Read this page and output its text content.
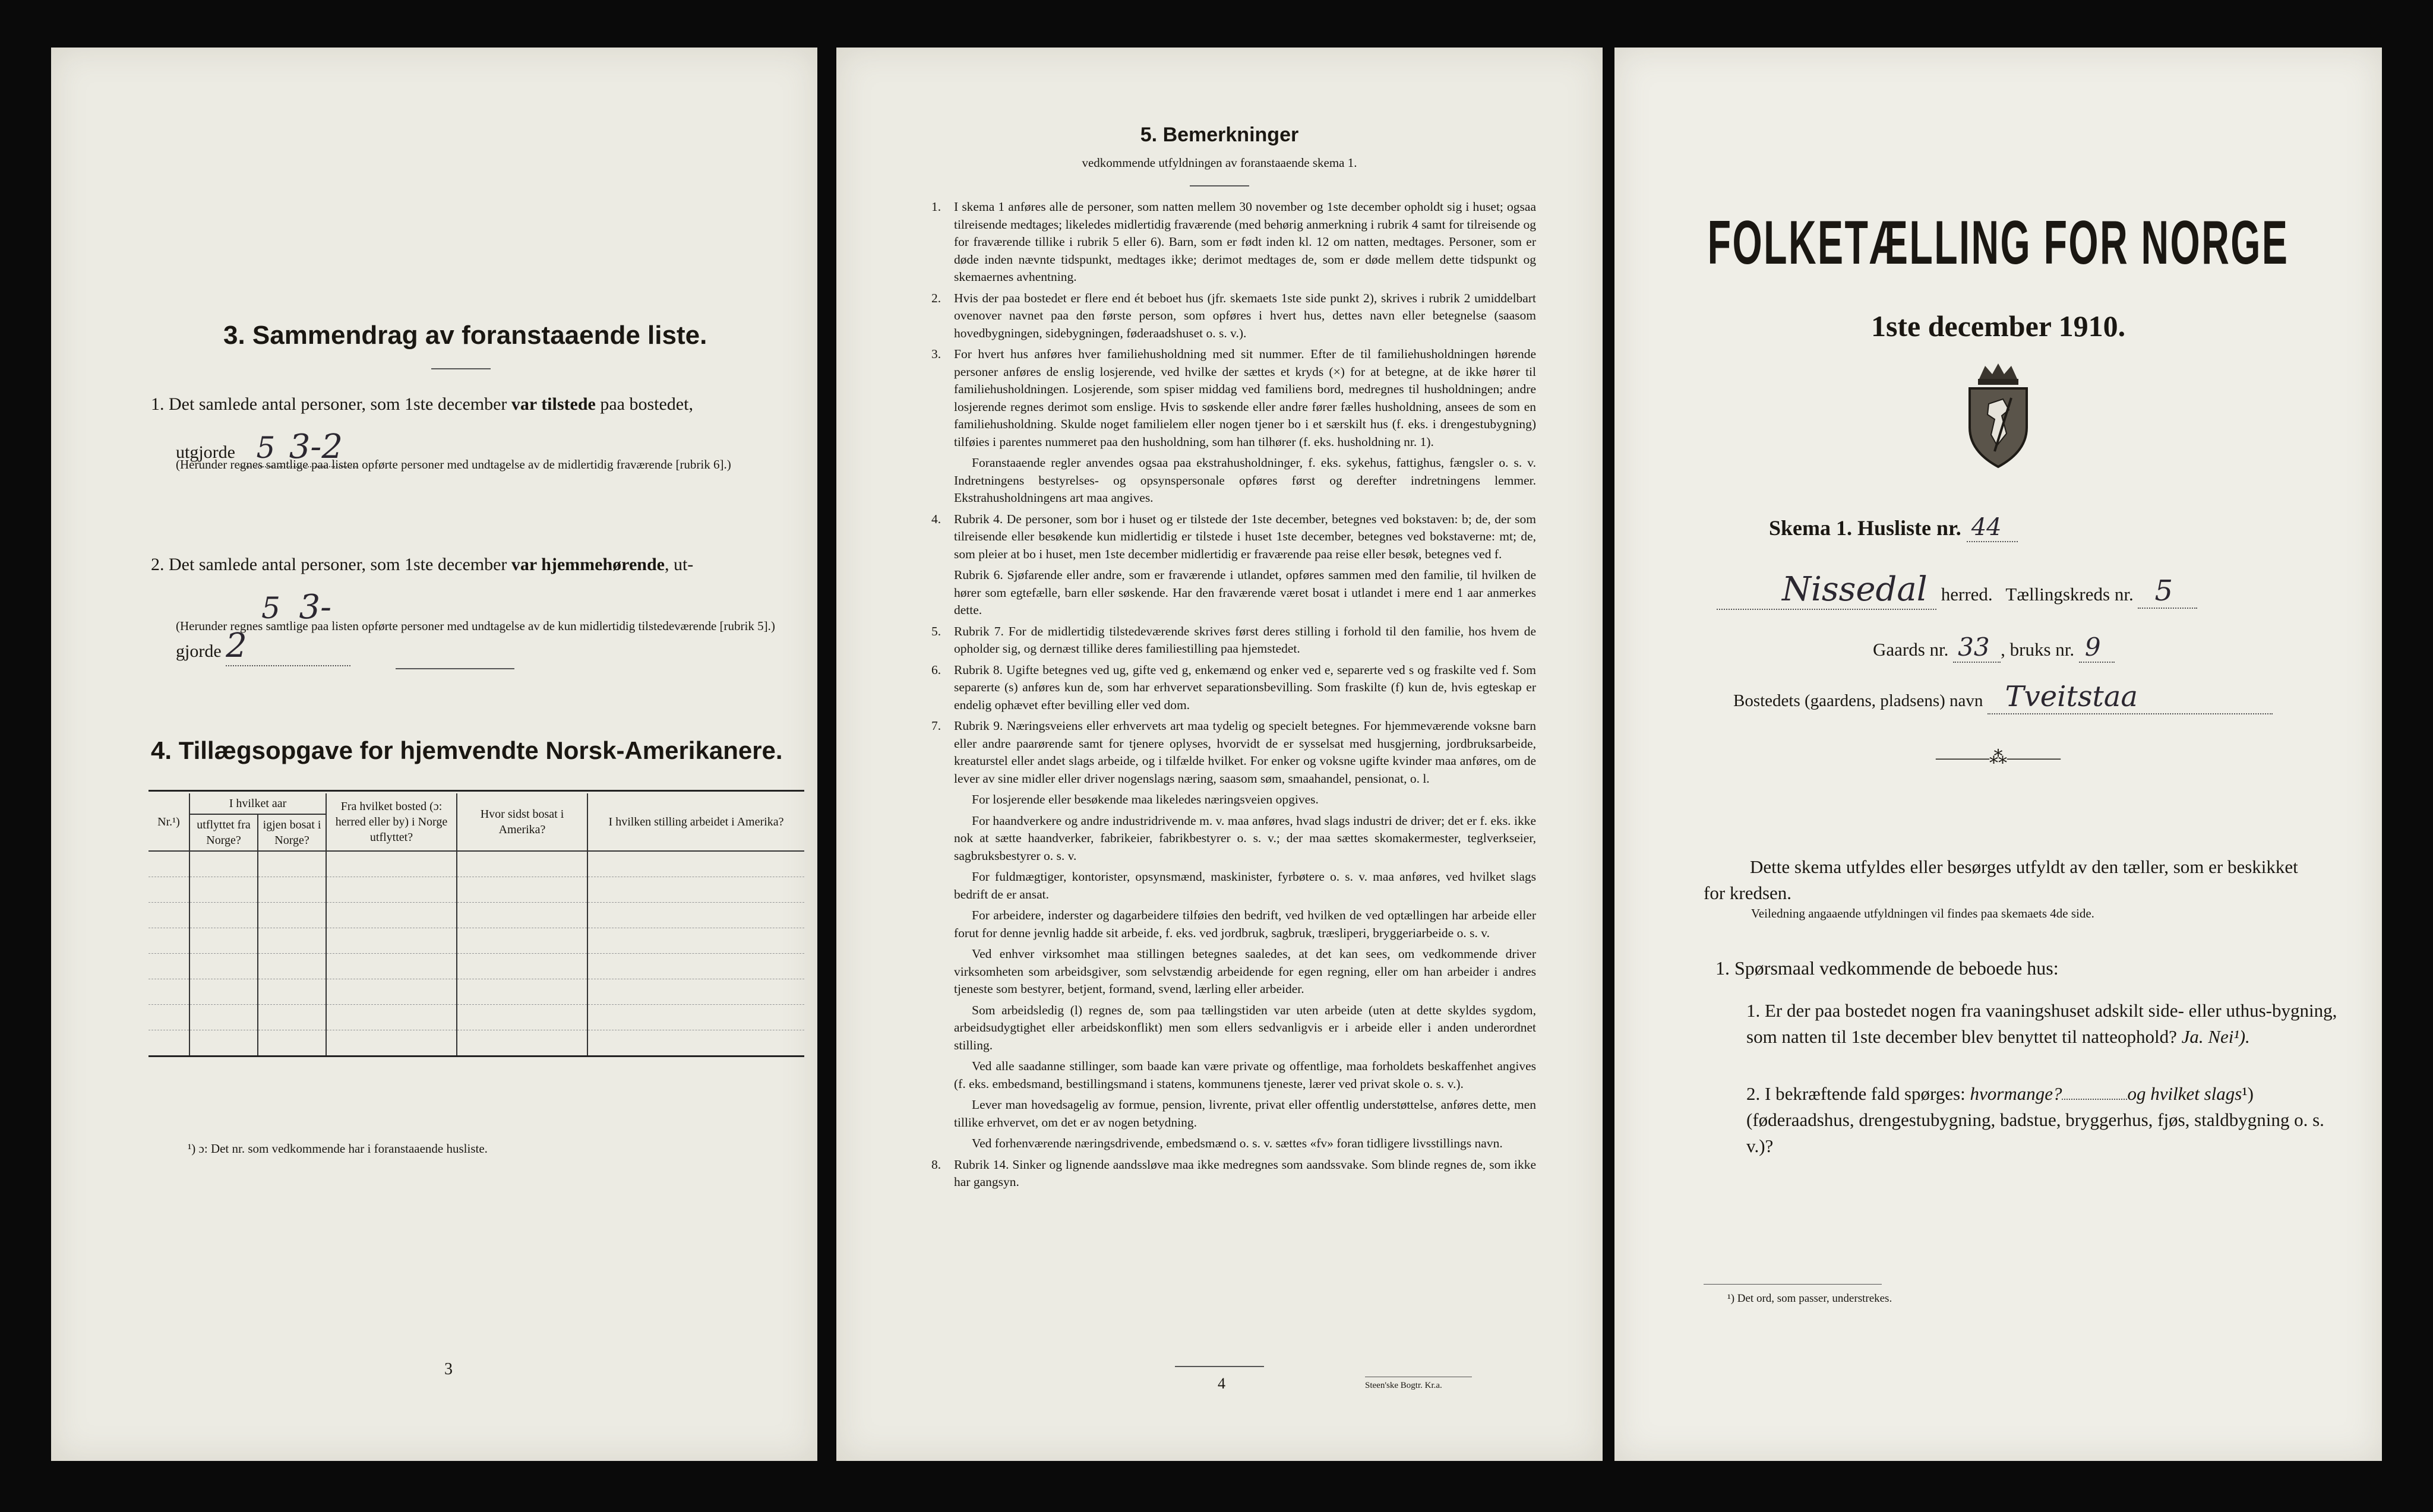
3. Sammendrag av foranstaaende liste.
1. Det samlede antal personer, som 1ste december var tilstede paa bostedet,
utgjorde 5 3-2
(Herunder regnes samtlige paa listen opførte personer med undtagelse av de midlertidig fraværende [rubrik 6].)
2. Det samlede antal personer, som 1ste december var hjemmehørende, ut-
gjorde 5 3-2
(Herunder regnes samtlige paa listen opførte personer med undtagelse av de kun midlertidig tilstedeværende [rubrik 5].)
4. Tillægsopgave for hjemvendte Norsk-Amerikanere.
Nr.¹)	I hvilket aar		Fra hvilket bosted (ɔ: herred eller by) i Norge utflyttet?	Hvor sidst bosat i Amerika?	I hvilken stilling arbeidet i Amerika?
	utflyttet fra Norge?	igjen bosat i Norge?			

¹) ɔ: Det nr. som vedkommende har i foranstaaende husliste.
3
5. Bemerkninger
vedkommende utfyldningen av foranstaaende skema 1.
1. I skema 1 anføres alle de personer, som natten mellem 30 november og 1ste december opholdt sig i huset; ogsaa tilreisende medtages; likeledes midlertidig fraværende (med behørig anmerkning i rubrik 4 samt for tilreisende og for fraværende tillike i rubrik 5 eller 6). Barn, som er født inden kl. 12 om natten, medtages. Personer, som er døde inden nævnte tidspunkt, medtages ikke; derimot medtages de, som er døde mellem dette tidspunkt og skemaernes avhentning.

2. Hvis der paa bostedet er flere end ét beboet hus (jfr. skemaets 1ste side punkt 2), skrives i rubrik 2 umiddelbart ovenover navnet paa den første person, som opføres i hvert hus, dettes navn eller betegnelse (saasom hovedbygningen, sidebygningen, føderaadshuset o. s. v.).

3. For hvert hus anføres hver familiehusholdning med sit nummer. Efter de til familiehusholdningen hørende personer anføres de enslig losjerende, ved hvilke der sættes et kryds (×) for at betegne, at de ikke hører til familiehusholdningen. Losjerende, som spiser middag ved familiens bord, medregnes til husholdningen; andre losjerende regnes derimot som enslige. Hvis to søskende eller andre fører fælles husholdning, ansees de som en familiehusholdning. Skulde noget familielem eller nogen tjener bo i et særskilt hus (f. eks. i drengestubygning) tilføies i parentes nummeret paa den husholdning, som han tilhører (f. eks. husholdning nr. 1).

Foranstaaende regler anvendes ogsaa paa ekstrahusholdninger, f. eks. sykehus, fattighus, fængsler o. s. v. Indretningens bestyrelses- og opsynspersonale opføres først og derefter indretningens lemmer. Ekstrahusholdningens art maa angives.

4. Rubrik 4. De personer, som bor i huset og er tilstede der 1ste december, betegnes ved bokstaven: b; de, der som tilreisende eller besøkende kun midlertidig er tilstede i huset 1ste december, betegnes ved bokstaverne: mt; de, som pleier at bo i huset, men 1ste december midlertidig er fraværende paa reise eller besøk, betegnes ved f.

Rubrik 6. Sjøfarende eller andre, som er fraværende i utlandet, opføres sammen med den familie, til hvilken de hører som egtefælle, barn eller søskende. Har den fraværende været bosat i utlandet i mere end 1 aar anmerkes dette.

5. Rubrik 7. For de midlertidig tilstedeværende skrives først deres stilling i forhold til den familie, hos hvem de opholder sig, og dernæst tillike deres familiestilling paa hjemstedet.

6. Rubrik 8. Ugifte betegnes ved ug, gifte ved g, enkemænd og enker ved e, separerte ved s og fraskilte ved f. Som separerte (s) anføres kun de, som har erhvervet separationsbevilling. Som fraskilte (f) kun de, hvis egteskap er endelig ophævet efter bevilling eller ved dom.

7. Rubrik 9. Næringsveiens eller erhvervets art maa tydelig og specielt betegnes. For hjemmeværende voksne barn eller andre paarørende samt for tjenere oplyses, hvorvidt de er sysselsat med husgjerning, jordbruksarbeide, kreaturstel eller andet slags arbeide, og i tilfælde hvilket. For enker og voksne ugifte kvinder maa anføres, om de lever av sine midler eller driver nogenslags næring, saasom søm, smaahandel, pensionat, o. l.

For losjerende eller besøkende maa likeledes næringsveien opgives.

For haandverkere og andre industridrivende m. v. maa anføres, hvad slags industri de driver; det er f. eks. ikke nok at sætte haandverker, fabrikeier, fabrikbestyrer o. s. v.; der maa sættes skomakermester, teglverkseier, sagbruksbestyrer o. s. v.

For fuldmægtiger, kontorister, opsynsmænd, maskinister, fyrbøtere o. s. v. maa anføres, ved hvilket slags bedrift de er ansat.

For arbeidere, inderster og dagarbeidere tilføies den bedrift, ved hvilken de ved optællingen har arbeide eller forut for denne jevnlig hadde sit arbeide, f. eks. ved jordbruk, sagbruk, træsliperi, bryggeriarbeide o. s. v.

Ved enhver virksomhet maa stillingen betegnes saaledes, at det kan sees, om vedkommende driver virksomheten som arbeidsgiver, som selvstændig arbeidende for egen regning, eller om han arbeider i andres tjeneste som bestyrer, betjent, formand, svend, lærling eller arbeider.

Som arbeidsledig (l) regnes de, som paa tællingstiden var uten arbeide (uten at dette skyldes sygdom, arbeidsudygtighet eller arbeidskonflikt) men som ellers sedvanligvis er i arbeide eller i anden underordnet stilling.

Ved alle saadanne stillinger, som baade kan være private og offentlige, maa forholdets beskaffenhet angives (f. eks. embedsmand, bestillingsmand i statens, kommunens tjeneste, lærer ved privat skole o. s. v.).

Lever man hovedsagelig av formue, pension, livrente, privat eller offentlig understøttelse, anføres dette, men tillike erhvervet, om det er av nogen betydning.

Ved forhenværende næringsdrivende, embedsmænd o. s. v. sættes «fv» foran tidligere livsstillings navn.

8. Rubrik 14. Sinker og lignende aandssløve maa ikke medregnes som aandssvake. Som blinde regnes de, som ikke har gangsyn.

4	Steen'ske Bogtr. Kr.a.
FOLKETÆLLING FOR NORGE
1ste december 1910.
Skema 1. Husliste nr. 44
Nissedal herred. Tællingskreds nr. 5
Gaards nr. 33 , bruks nr. 9
Bostedets (gaardens, pladsens) navn Tveitstaa
———⁂———
Dette skema utfyldes eller besørges utfyldt av den tæller, som er beskikket for kredsen.
Veiledning angaaende utfyldningen vil findes paa skemaets 4de side.
1. Spørsmaal vedkommende de beboede hus:
1. Er der paa bostedet nogen fra vaaningshuset adskilt side- eller uthus-bygning, som natten til 1ste december blev benyttet til natteophold? Ja. Nei¹).
2. I bekræftende fald spørges: hvormange?	og hvilket slags¹) (føderaadshus, drengestubygning, badstue, bryggerhus, fjøs, staldbygning o. s. v.)?
¹) Det ord, som passer, understrekes.
